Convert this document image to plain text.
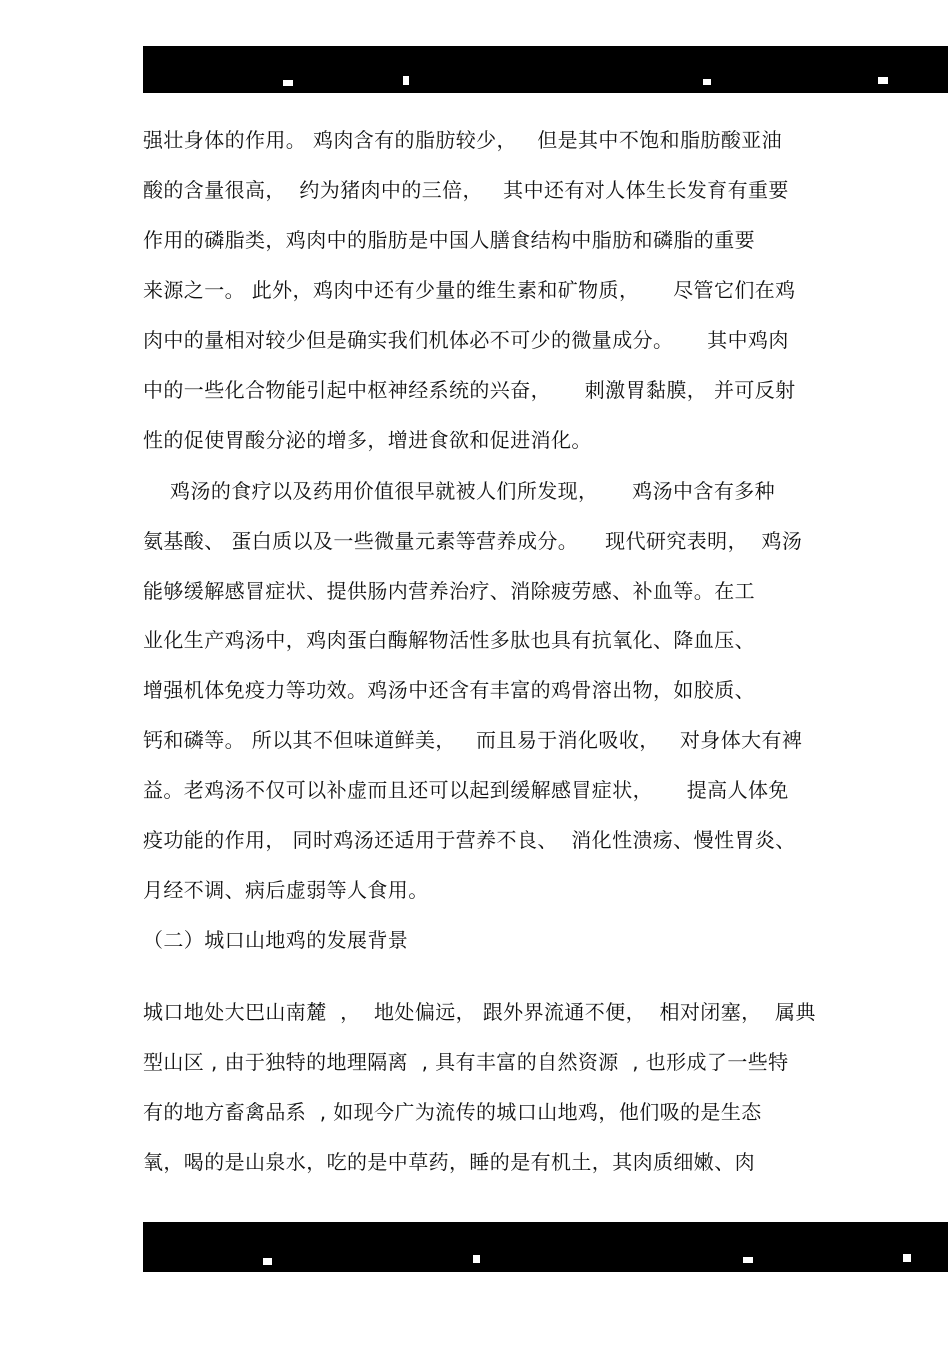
强壮身体的作用。 鸡肉含有的脂肪较少，   但是其中不饱和脂肪酸亚油
酸的含量很高，  约为猪肉中的三倍，   其中还有对人体生长发育有重要
作用的磷脂类，鸡肉中的脂肪是中国人膳食结构中脂肪和磷脂的重要
来源之一。 此外，鸡肉中还有少量的维生素和矿物质，     尽管它们在鸡
肉中的量相对较少但是确实我们机体必不可少的微量成分。     其中鸡肉
中的一些化合物能引起中枢神经系统的兴奋，     刺激胃黏膜， 并可反射
性的促使胃酸分泌的增多，增进食欲和促进消化。
鸡汤的食疗以及药用价值很早就被人们所发现，     鸡汤中含有多种
氨基酸、 蛋白质以及一些微量元素等营养成分。    现代研究表明，  鸡汤
能够缓解感冒症状、提供肠内营养治疗、消除疲劳感、补血等。在工
业化生产鸡汤中，鸡肉蛋白酶解物活性多肽也具有抗氧化、降血压、
增强机体免疫力等功效。鸡汤中还含有丰富的鸡骨溶出物，如胶质、
钙和磷等。 所以其不但味道鲜美，   而且易于消化吸收，   对身体大有裨
益。老鸡汤不仅可以补虚而且还可以起到缓解感冒症状，     提高人体免
疫功能的作用， 同时鸡汤还适用于营养不良、  消化性溃疡、慢性胃炎、
月经不调、病后虚弱等人食用。
（二）城口山地鸡的发展背景
城口地处大巴山南麓  ，  地处偏远， 跟外界流通不便，  相对闭塞，  属典
型山区 , 由于独特的地理隔离  , 具有丰富的自然资源  , 也形成了一些特
有的地方畜禽品系  , 如现今广为流传的城口山地鸡，他们吸的是生态
氧，喝的是山泉水，吃的是中草药，睡的是有机土，其肉质细嫩、肉
